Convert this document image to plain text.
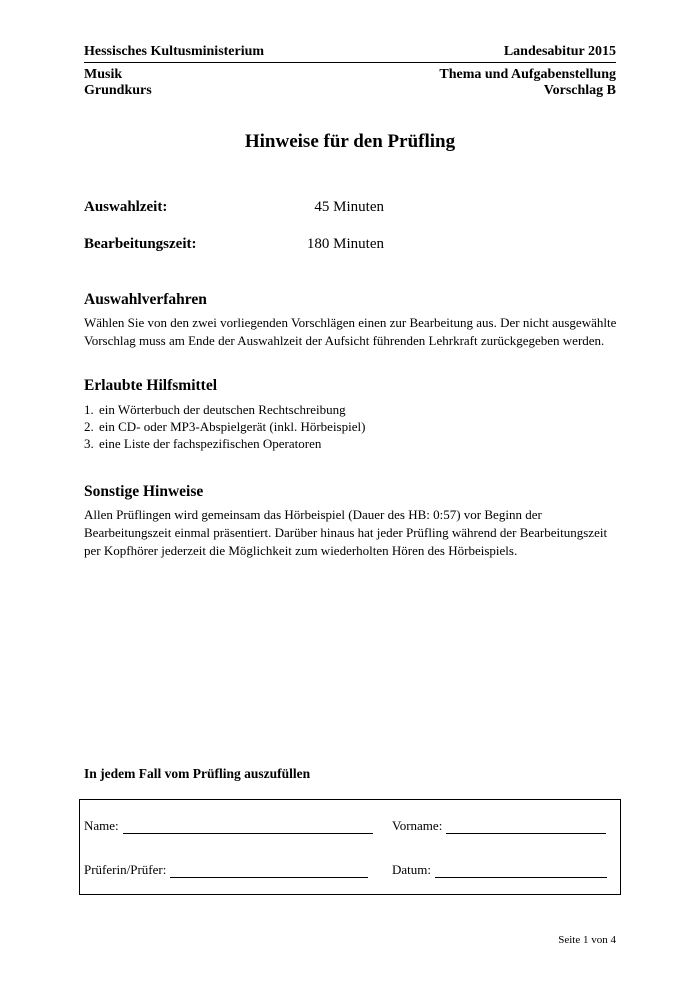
Hessisches Kultusministerium	Landesabitur 2015
Musik	Thema und Aufgabenstellung
Grundkurs	Vorschlag B
Hinweise für den Prüfling
Auswahlzeit:	45 Minuten
Bearbeitungszeit:	180 Minuten
Auswahlverfahren
Wählen Sie von den zwei vorliegenden Vorschlägen einen zur Bearbeitung aus. Der nicht ausgewählte Vorschlag muss am Ende der Auswahlzeit der Aufsicht führenden Lehrkraft zurückgegeben werden.
Erlaubte Hilfsmittel
1. ein Wörterbuch der deutschen Rechtschreibung
2. ein CD- oder MP3-Abspielgerät (inkl. Hörbeispiel)
3. eine Liste der fachspezifischen Operatoren
Sonstige Hinweise
Allen Prüflingen wird gemeinsam das Hörbeispiel (Dauer des HB: 0:57) vor Beginn der Bearbeitungszeit einmal präsentiert. Darüber hinaus hat jeder Prüfling während der Bearbeitungszeit per Kopfhörer jederzeit die Möglichkeit zum wiederholten Hören des Hörbeispiels.
In jedem Fall vom Prüfling auszufüllen
Name:	Vorname:
Prüferin/Prüfer:	Datum:
Seite 1 von 4
